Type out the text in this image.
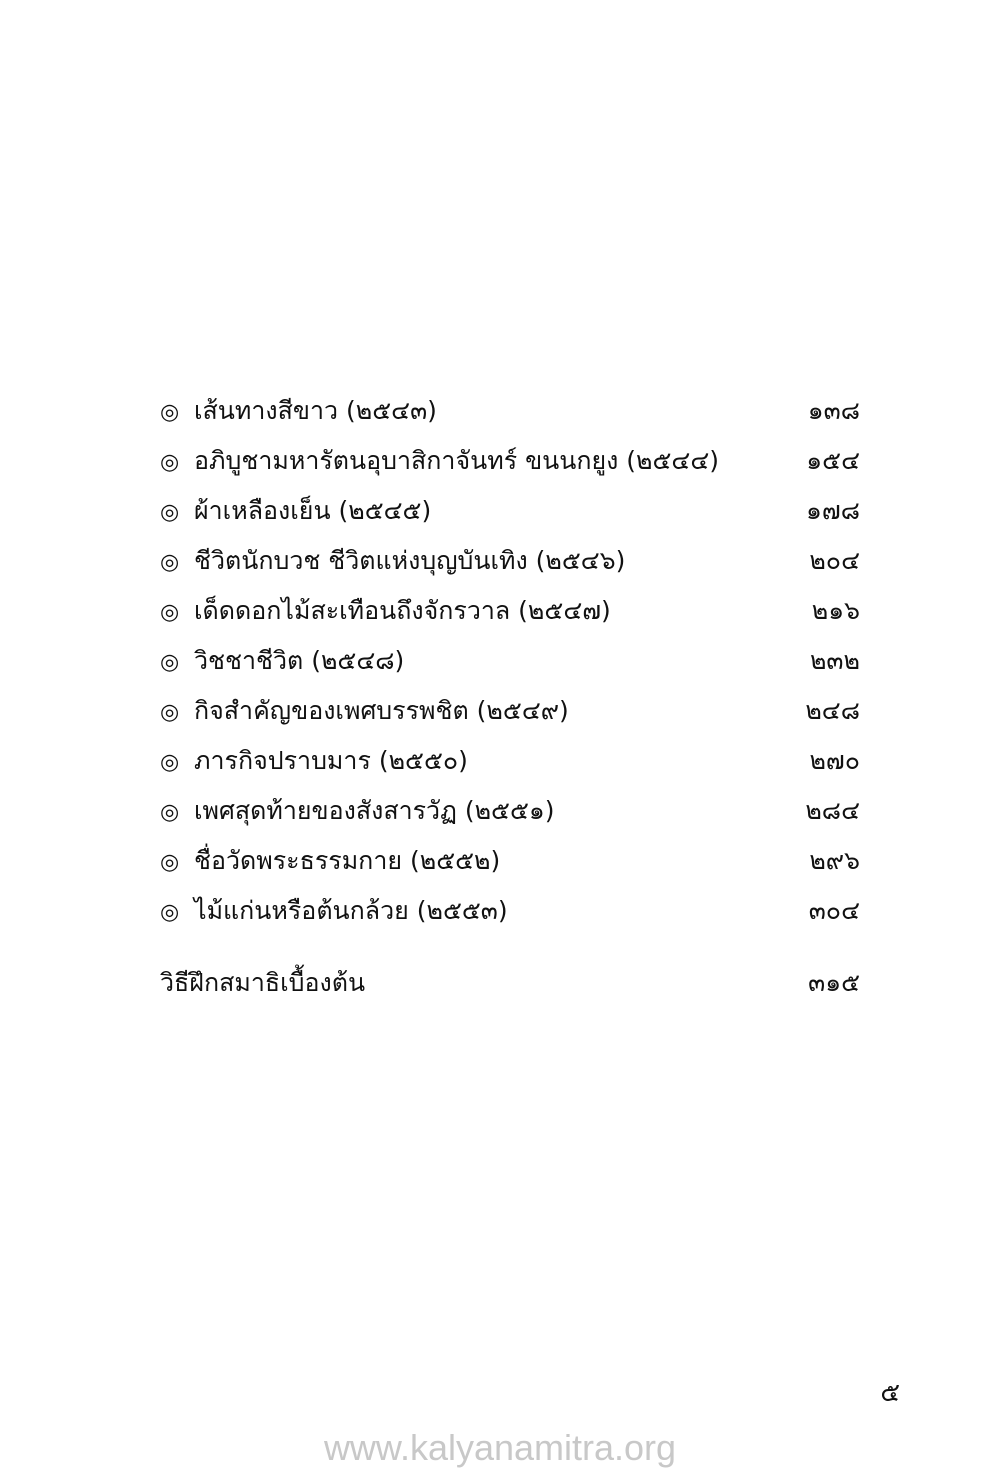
◎ เส้นทางสีขาว (๒๕๔๓)	๑๓๘
◎ อภิบูชามหารัตนอุบาสิกาจันทร์ ขนนกยูง (๒๕๔๔)	๑๕๔
◎ ผ้าเหลืองเย็น (๒๕๔๕)	๑๗๘
◎ ชีวิตนักบวช ชีวิตแห่งบุญบันเทิง (๒๕๔๖)	๒๐๔
◎ เด็ดดอกไม้สะเทือนถึงจักรวาล (๒๕๔๗)	๒๑๖
◎ วิชชาชีวิต (๒๕๔๘)	๒๓๒
◎ กิจสำคัญของเพศบรรพชิต (๒๕๔๙)	๒๔๘
◎ ภารกิจปราบมาร (๒๕๕๐)	๒๗๐
◎ เพศสุดท้ายของสังสารวัฏ (๒๕๕๑)	๒๘๔
◎ ชื่อวัดพระธรรมกาย (๒๕๕๒)	๒๙๖
◎ ไม้แก่นหรือต้นกล้วย (๒๕๕๓)	๓๐๔
วิธีฝึกสมาธิเบื้องต้น	๓๑๕
๕
www.kalyanamitra.org
